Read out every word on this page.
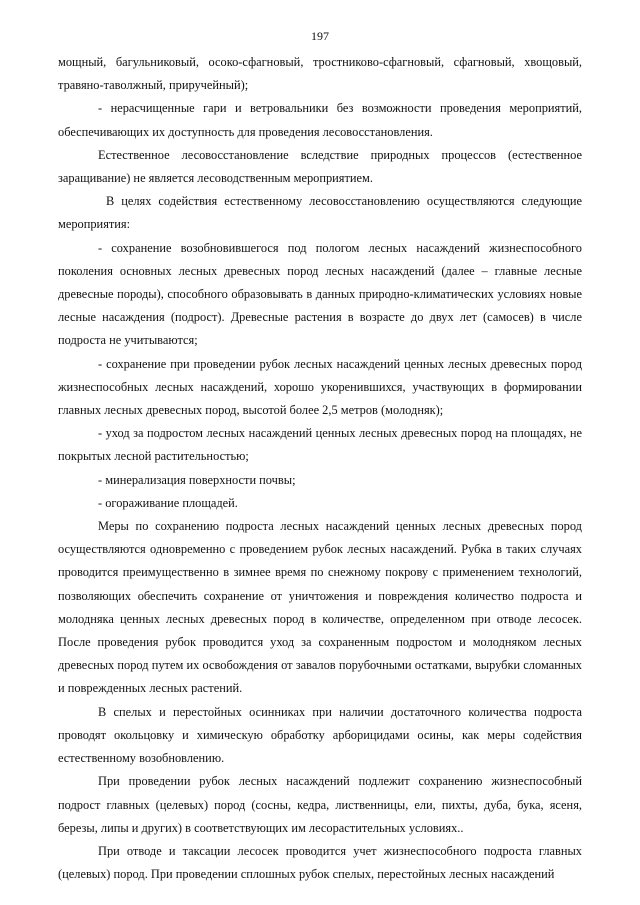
197

мощный, багульниковый, осоко-сфагновый, тростниково-сфагновый, сфагновый, хвощовый, травяно-таволжный, приручейный);

- нерасчищенные гари и ветровальники без возможности проведения мероприятий, обеспечивающих их доступность для проведения лесовосстановления.

Естественное лесовосстановление вследствие природных процессов (естественное заращивание) не является лесоводственным мероприятием.

В целях содействия естественному лесовосстановлению осуществляются следующие мероприятия:

- сохранение возобновившегося под пологом лесных насаждений жизнеспособного поколения основных лесных древесных пород лесных насаждений (далее – главные лесные древесные породы), способного образовывать в данных природно-климатических условиях новые лесные насаждения (подрост). Древесные растения в возрасте до двух лет (самосев) в числе подроста не учитываются;

- сохранение при проведении рубок лесных насаждений ценных лесных древесных пород жизнеспособных лесных насаждений, хорошо укоренившихся, участвующих в формировании главных лесных древесных пород, высотой более 2,5 метров (молодняк);

- уход за подростом лесных насаждений ценных лесных древесных пород на площадях, не покрытых лесной растительностью;

- минерализация поверхности почвы;

- огораживание площадей.

Меры по сохранению подроста лесных насаждений ценных лесных древесных пород осуществляются одновременно с проведением рубок лесных насаждений. Рубка в таких случаях проводится преимущественно в зимнее время по снежному покрову с применением технологий, позволяющих обеспечить сохранение от уничтожения и повреждения количество подроста и молодняка ценных лесных древесных пород в количестве, определенном при отводе лесосек. После проведения рубок проводится уход за сохраненным подростом и молодняком лесных древесных пород путем их освобождения от завалов порубочными остатками, вырубки сломанных и поврежденных лесных растений.

В спелых и перестойных осинниках при наличии достаточного количества подроста проводят окольцовку и химическую обработку арборицидами осины, как меры содействия естественному возобновлению.

При проведении рубок лесных насаждений подлежит сохранению жизнеспособный подрост главных (целевых) пород (сосны, кедра, лиственницы, ели, пихты, дуба, бука, ясеня, березы, липы и других) в соответствующих им лесорастительных условиях..

При отводе и таксации лесосек проводится учет жизнеспособного подроста главных (целевых) пород. При проведении сплошных рубок спелых, перестойных лесных насаждений
